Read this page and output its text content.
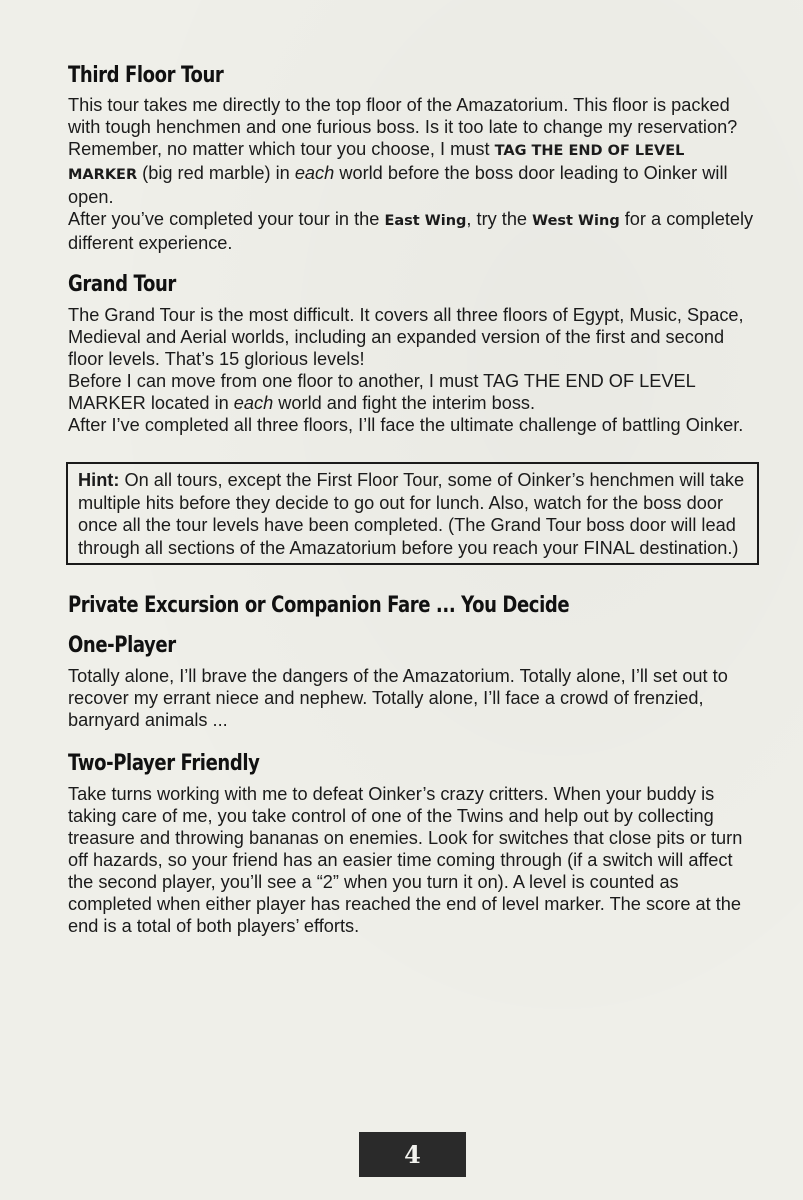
Third Floor Tour

This tour takes me directly to the top floor of the Amazatorium. This floor is packed with tough henchmen and one furious boss. Is it too late to change my reservation?

Remember, no matter which tour you choose, I must TAG THE END OF LEVEL MARKER (big red marble) in each world before the boss door leading to Oinker will open.

After you’ve completed your tour in the East Wing, try the West Wing for a completely different experience.

Grand Tour

The Grand Tour is the most difficult. It covers all three floors of Egypt, Music, Space, Medieval and Aerial worlds, including an expanded version of the first and second floor levels. That’s 15 glorious levels!

Before I can move from one floor to another, I must TAG THE END OF LEVEL MARKER located in each world and fight the interim boss.

After I’ve completed all three floors, I’ll face the ultimate challenge of battling Oinker.

Hint: On all tours, except the First Floor Tour, some of Oinker’s henchmen will take multiple hits before they decide to go out for lunch. Also, watch for the boss door once all the tour levels have been completed. (The Grand Tour boss door will lead through all sections of the Amazatorium before you reach your FINAL destination.)

Private Excursion or Companion Fare ... You Decide
One-Player

Totally alone, I’ll brave the dangers of the Amazatorium. Totally alone, I’ll set out to recover my errant niece and nephew. Totally alone, I’ll face a crowd of frenzied,
barnyard animals ...

Two-Player Friendly

Take turns working with me to defeat Oinker’s crazy critters. When your buddy is taking care of me, you take control of one of the Twins and help out by collecting treasure and throwing bananas on enemies. Look for switches that close pits or turn off hazards, so your friend has an easier time coming through (if a switch will affect the second player, you’ll see a “2” when you turn it on). A level is counted as completed when either player has reached the end of level marker. The score at the end is a total of both players’ efforts.

4
